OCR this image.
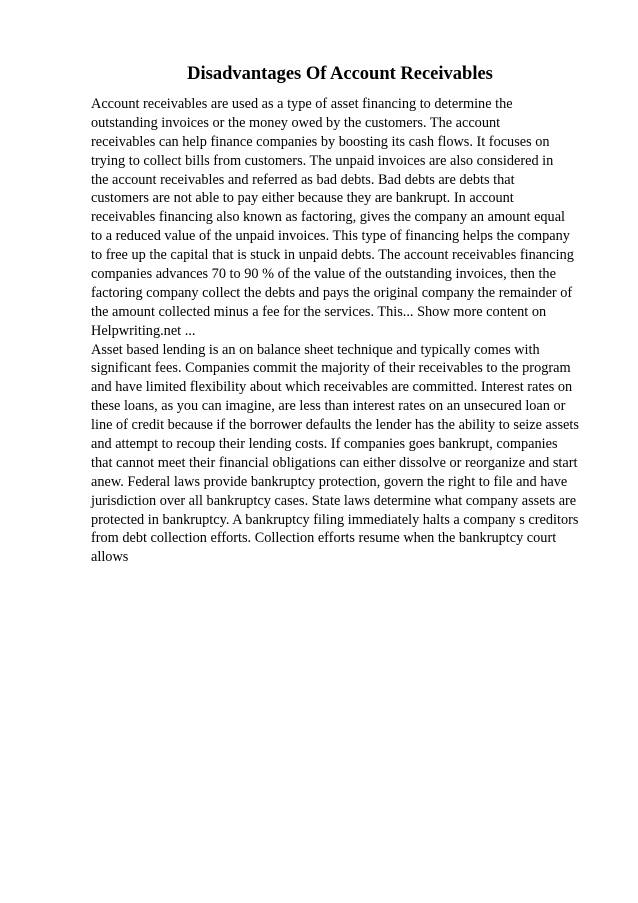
Disadvantages Of Account Receivables
Account receivables are used as a type of asset financing to determine the
outstanding invoices or the money owed by the customers. The account
receivables can help finance companies by boosting its cash flows. It focuses on
trying to collect bills from customers. The unpaid invoices are also considered in
the account receivables and referred as bad debts. Bad debts are debts that
customers are not able to pay either because they are bankrupt. In account
receivables financing also known as factoring, gives the company an amount equal
to a reduced value of the unpaid invoices. This type of financing helps the company
to free up the capital that is stuck in unpaid debts. The account receivables financing
companies advances 70 to 90 % of the value of the outstanding invoices, then the
factoring company collect the debts and pays the original company the remainder of
the amount collected minus a fee for the services. This... Show more content on
Helpwriting.net ...
Asset based lending is an on balance sheet technique and typically comes with
significant fees. Companies commit the majority of their receivables to the program
and have limited flexibility about which receivables are committed. Interest rates on
these loans, as you can imagine, are less than interest rates on an unsecured loan or
line of credit because if the borrower defaults the lender has the ability to seize assets
and attempt to recoup their lending costs. If companies goes bankrupt, companies
that cannot meet their financial obligations can either dissolve or reorganize and start
anew. Federal laws provide bankruptcy protection, govern the right to file and have
jurisdiction over all bankruptcy cases. State laws determine what company assets are
protected in bankruptcy. A bankruptcy filing immediately halts a company s creditors
from debt collection efforts. Collection efforts resume when the bankruptcy court
allows
